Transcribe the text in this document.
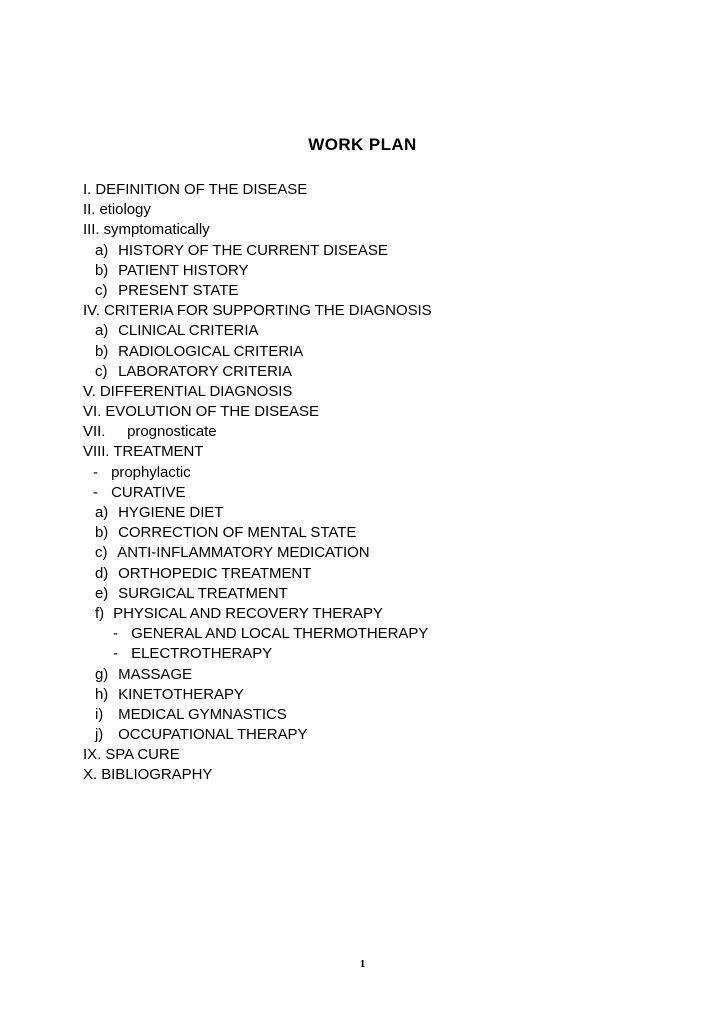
WORK PLAN
I. DEFINITION OF THE DISEASE
II. etiology
III. symptomatically
a) HISTORY OF THE CURRENT DISEASE
b) PATIENT HISTORY
c) PRESENT STATE
IV. CRITERIA FOR SUPPORTING THE DIAGNOSIS
a) CLINICAL CRITERIA
b) RADIOLOGICAL CRITERIA
c) LABORATORY CRITERIA
V. DIFFERENTIAL DIAGNOSIS
VI. EVOLUTION OF THE DISEASE
VII. prognosticate
VIII. TREATMENT
- prophylactic
- CURATIVE
a) HYGIENE DIET
b) CORRECTION OF MENTAL STATE
c) ANTI-INFLAMMATORY MEDICATION
d) ORTHOPEDIC TREATMENT
e) SURGICAL TREATMENT
f) PHYSICAL AND RECOVERY THERAPY
- GENERAL AND LOCAL THERMOTHERAPY
- ELECTROTHERAPY
g) MASSAGE
h) KINETOTHERAPY
i) MEDICAL GYMNASTICS
j) OCCUPATIONAL THERAPY
IX. SPA CURE
X. BIBLIOGRAPHY
1
